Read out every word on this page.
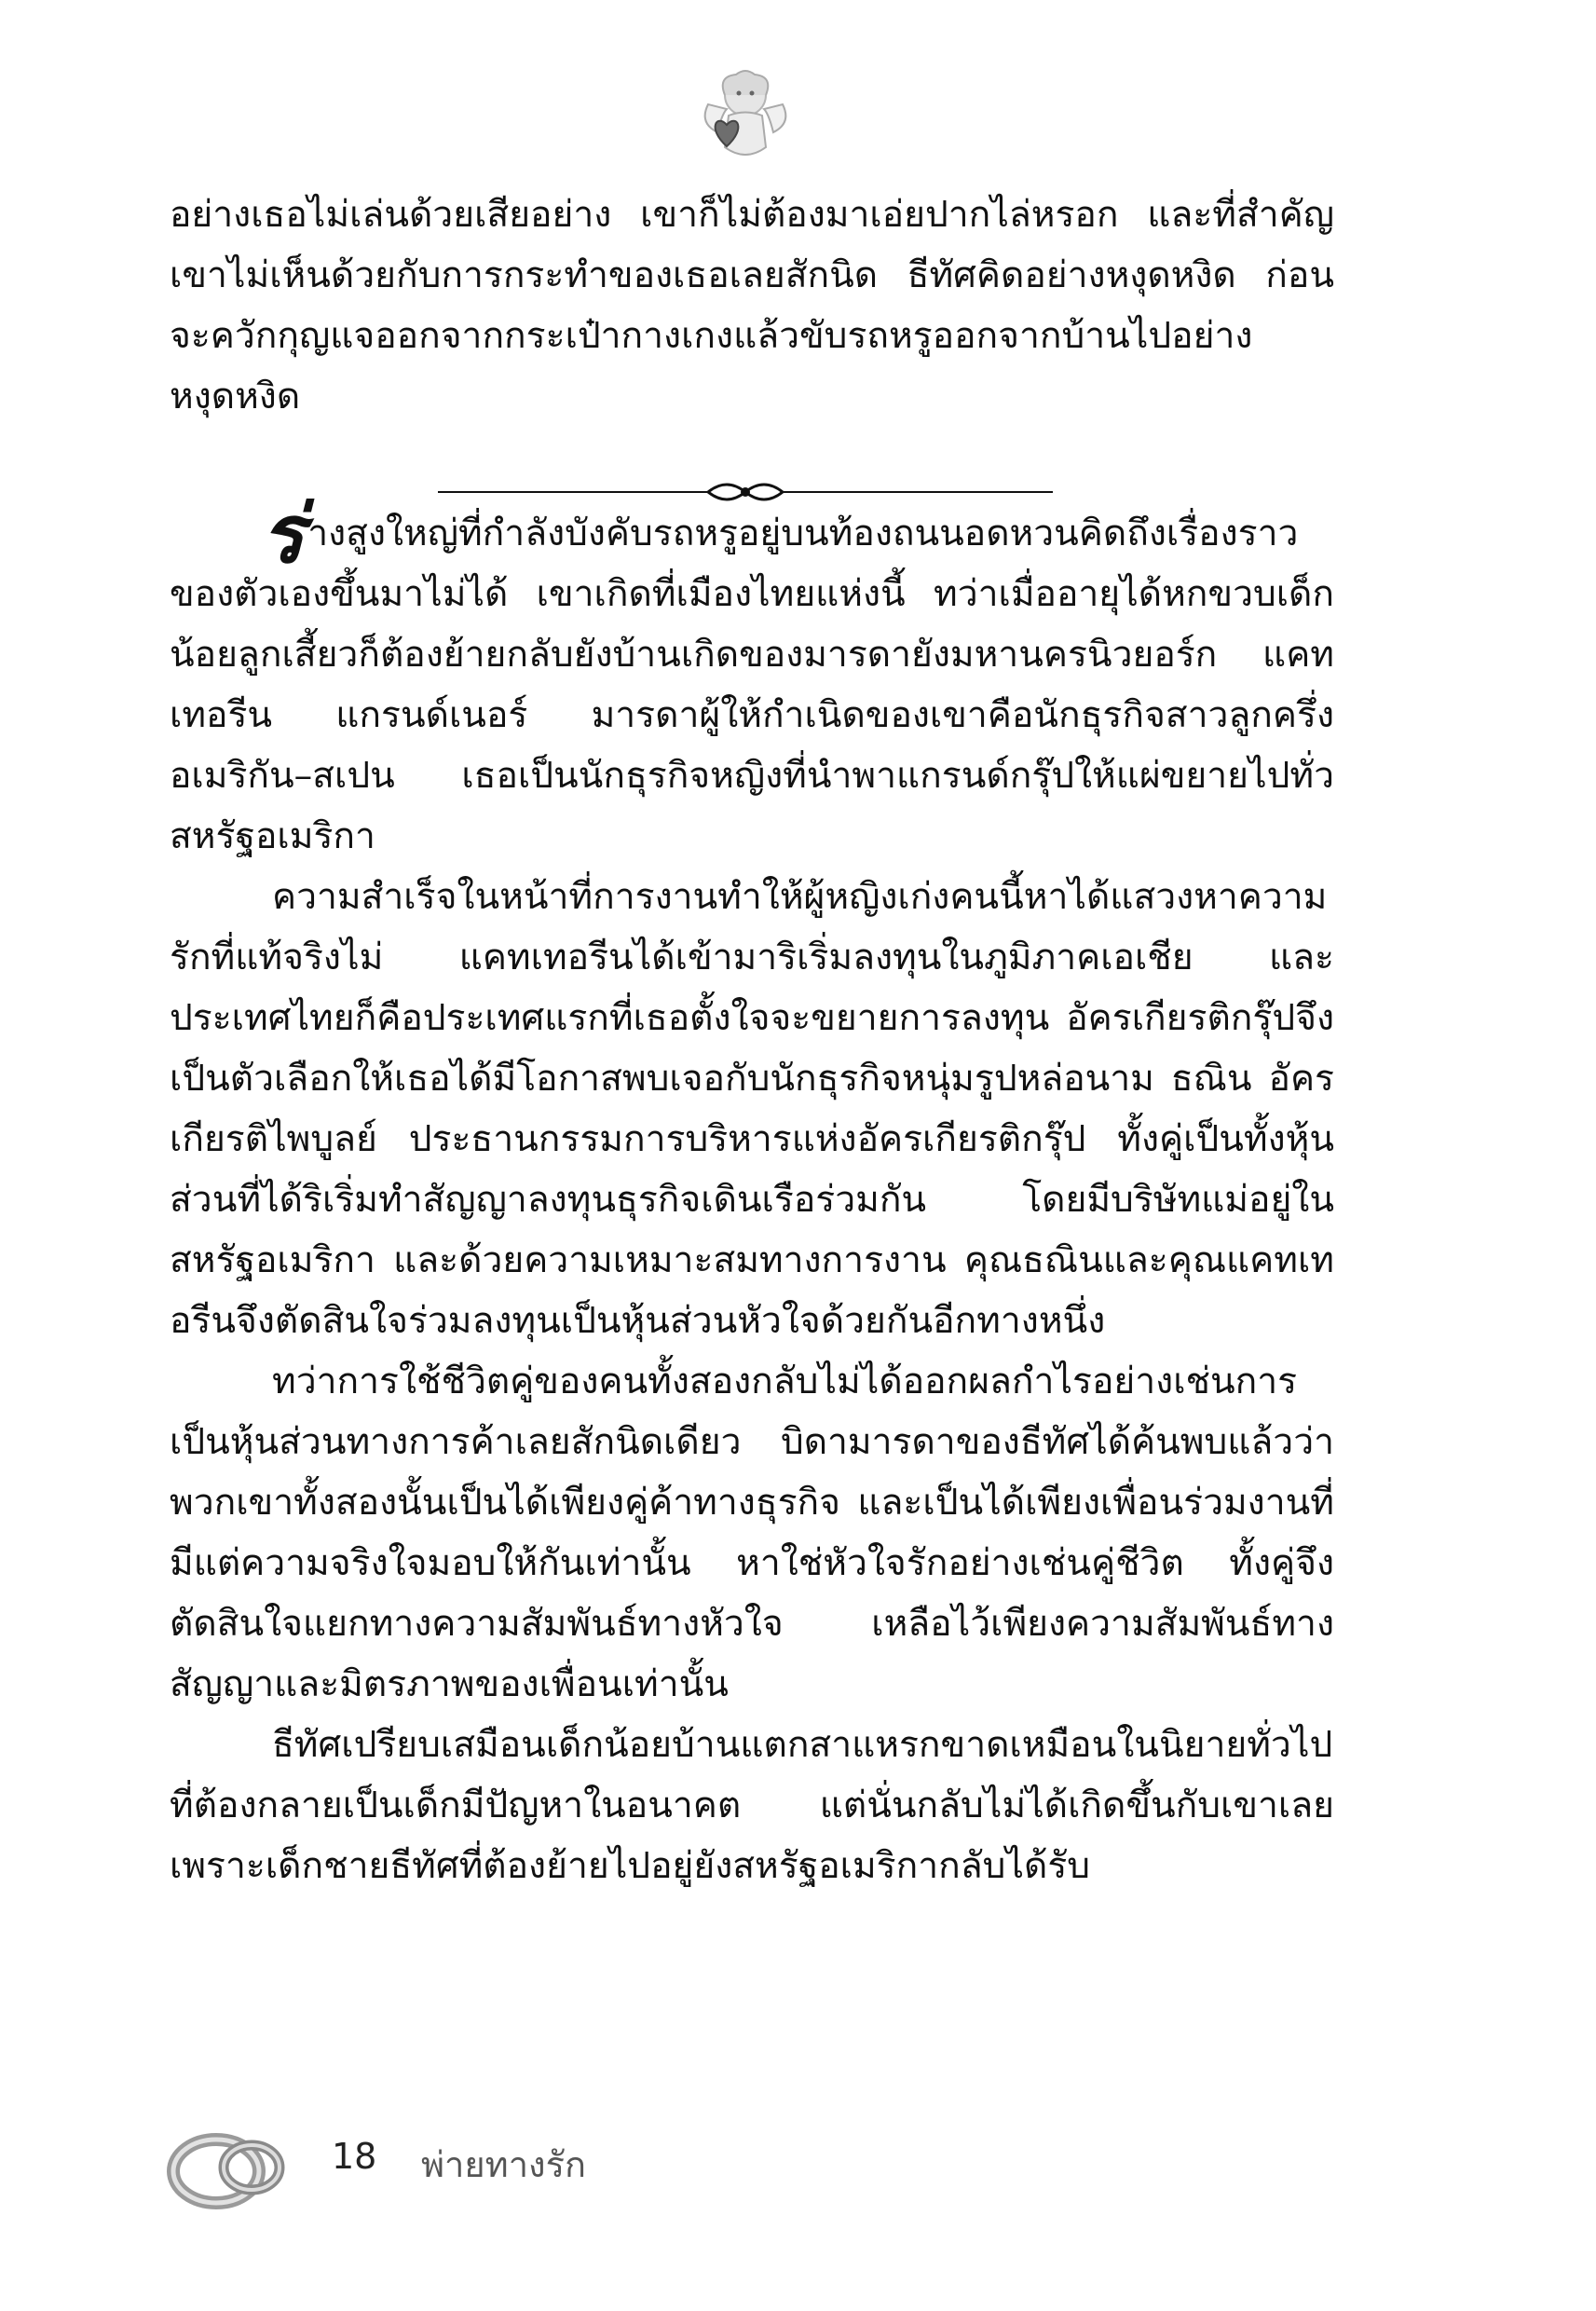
อย่างเธอไม่เล่นด้วยเสียอย่าง เขาก็ไม่ต้องมาเอ่ยปากไล่หรอก และที่สำคัญ เขาไม่เห็นด้วยกับการกระทำของเธอเลยสักนิด ธีทัศคิดอย่างหงุดหงิด ก่อนจะควักกุญแจออกจากกระเป๋ากางเกงแล้วขับรถหรูออกจากบ้านไปอย่างหงุดหงิด

ร่างสูงใหญ่ที่กำลังบังคับรถหรูอยู่บนท้องถนนอดหวนคิดถึงเรื่องราวของตัวเองขึ้นมาไม่ได้ เขาเกิดที่เมืองไทยแห่งนี้ ทว่าเมื่ออายุได้หกขวบเด็กน้อยลูกเสี้ยวก็ต้องย้ายกลับยังบ้านเกิดของมารดายังมหานครนิวยอร์ก แคทเทอรีน แกรนด์เนอร์ มารดาผู้ให้กำเนิดของเขาคือนักธุรกิจสาวลูกครึ่งอเมริกัน–สเปน เธอเป็นนักธุรกิจหญิงที่นำพาแกรนด์กรุ๊ปให้แผ่ขยายไปทั่วสหรัฐอเมริกา

ความสำเร็จในหน้าที่การงานทำให้ผู้หญิงเก่งคนนี้หาได้แสวงหาความรักที่แท้จริงไม่ แคทเทอรีนได้เข้ามาริเริ่มลงทุนในภูมิภาคเอเชีย และประเทศไทยก็คือประเทศแรกที่เธอตั้งใจจะขยายการลงทุน อัครเกียรติกรุ๊ปจึงเป็นตัวเลือกให้เธอได้มีโอกาสพบเจอกับนักธุรกิจหนุ่มรูปหล่อนาม ธณิน อัครเกียรติไพบูลย์ ประธานกรรมการบริหารแห่งอัครเกียรติกรุ๊ป ทั้งคู่เป็นทั้งหุ้นส่วนที่ได้ริเริ่มทำสัญญาลงทุนธุรกิจเดินเรือร่วมกัน โดยมีบริษัทแม่อยู่ในสหรัฐอเมริกา และด้วยความเหมาะสมทางการงาน คุณธณินและคุณแคทเทอรีนจึงตัดสินใจร่วมลงทุนเป็นหุ้นส่วนหัวใจด้วยกันอีกทางหนึ่ง

ทว่าการใช้ชีวิตคู่ของคนทั้งสองกลับไม่ได้ออกผลกำไรอย่างเช่นการเป็นหุ้นส่วนทางการค้าเลยสักนิดเดียว บิดามารดาของธีทัศได้ค้นพบแล้วว่าพวกเขาทั้งสองนั้นเป็นได้เพียงคู่ค้าทางธุรกิจ และเป็นได้เพียงเพื่อนร่วมงานที่มีแต่ความจริงใจมอบให้กันเท่านั้น หาใช่หัวใจรักอย่างเช่นคู่ชีวิต ทั้งคู่จึงตัดสินใจแยกทางความสัมพันธ์ทางหัวใจ เหลือไว้เพียงความสัมพันธ์ทางสัญญาและมิตรภาพของเพื่อนเท่านั้น

ธีทัศเปรียบเสมือนเด็กน้อยบ้านแตกสาแหรกขาดเหมือนในนิยายทั่วไปที่ต้องกลายเป็นเด็กมีปัญหาในอนาคต แต่นั่นกลับไม่ได้เกิดขึ้นกับเขาเลย เพราะเด็กชายธีทัศที่ต้องย้ายไปอยู่ยังสหรัฐอเมริกากลับได้รับ

18 พ่ายทางรัก
